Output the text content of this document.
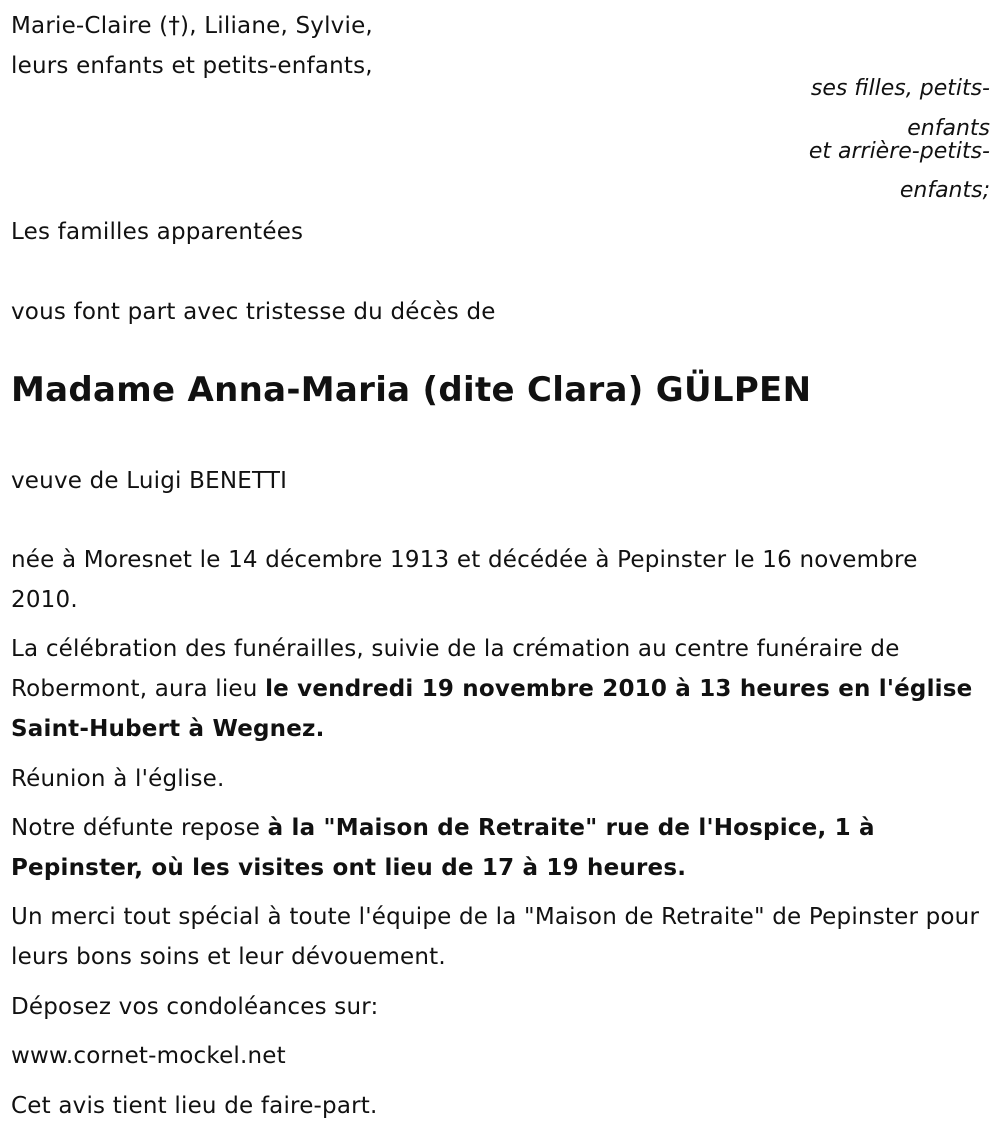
Marie-Claire (†), Liliane, Sylvie,
leurs enfants et petits-enfants,
ses filles, petits-
enfants
et arrière-petits-
enfants;
Les familles apparentées
vous font part avec tristesse du décès de
Madame Anna-Maria (dite Clara) GÜLPEN
veuve de Luigi BENETTI
née à Moresnet le 14 décembre 1913 et décédée à Pepinster le 16 novembre 2010.
La célébration des funérailles, suivie de la crémation au centre funéraire de Robermont, aura lieu le vendredi 19 novembre 2010 à 13 heures en l'église Saint-Hubert à Wegnez.
Réunion à l'église.
Notre défunte repose à la "Maison de Retraite" rue de l'Hospice, 1 à Pepinster, où les visites ont lieu de 17 à 19 heures.
Un merci tout spécial à toute l'équipe de la "Maison de Retraite" de Pepinster pour leurs bons soins et leur dévouement.
Déposez vos condoléances sur:
www.cornet-mockel.net
Cet avis tient lieu de faire-part.
